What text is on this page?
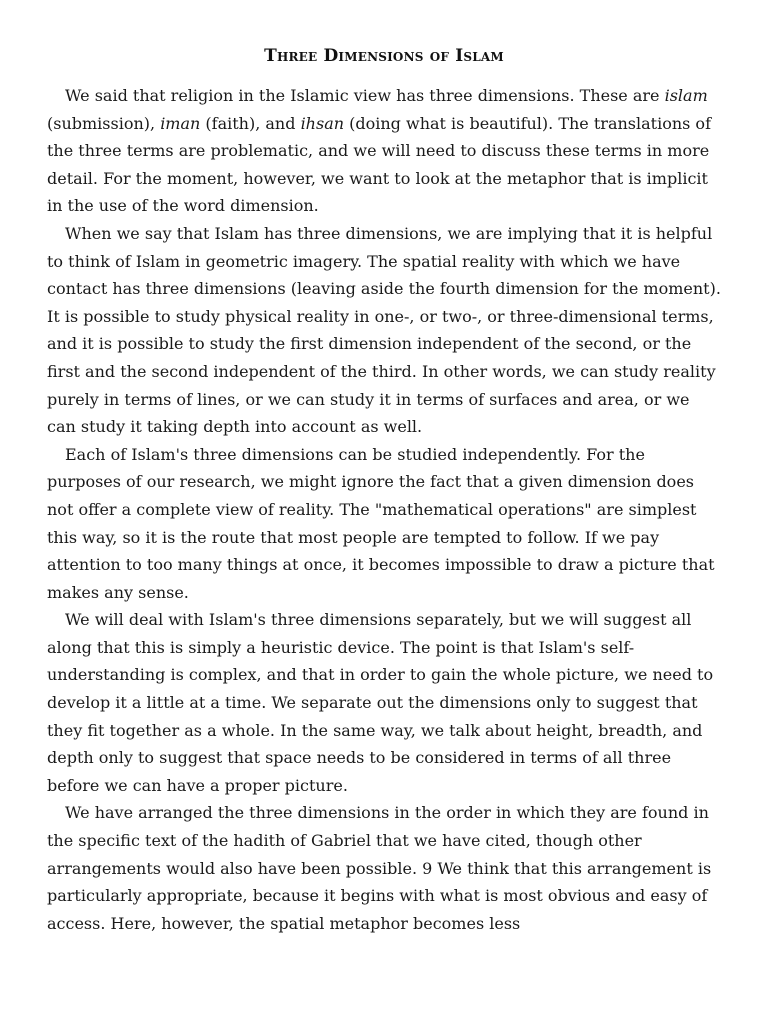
Three Dimensions of Islam

We said that religion in the Islamic view has three dimensions. These are islam (submission), iman (faith), and ihsan (doing what is beautiful). The translations of the three terms are problematic, and we will need to discuss these terms in more detail. For the moment, however, we want to look at the metaphor that is implicit in the use of the word dimension.

When we say that Islam has three dimensions, we are implying that it is helpful to think of Islam in geometric imagery. The spatial reality with which we have contact has three dimensions (leaving aside the fourth dimension for the moment). It is possible to study physical reality in one-, or two-, or three-dimensional terms, and it is possible to study the first dimension independent of the second, or the first and the second independent of the third. In other words, we can study reality purely in terms of lines, or we can study it in terms of surfaces and area, or we can study it taking depth into account as well.

Each of Islam's three dimensions can be studied independently. For the purposes of our research, we might ignore the fact that a given dimension does not offer a complete view of reality. The "mathematical operations" are simplest this way, so it is the route that most people are tempted to follow. If we pay attention to too many things at once, it becomes impossible to draw a picture that makes any sense.

We will deal with Islam's three dimensions separately, but we will suggest all along that this is simply a heuristic device. The point is that Islam's self-understanding is complex, and that in order to gain the whole picture, we need to develop it a little at a time. We separate out the dimensions only to suggest that they fit together as a whole. In the same way, we talk about height, breadth, and depth only to suggest that space needs to be considered in terms of all three before we can have a proper picture.

We have arranged the three dimensions in the order in which they are found in the specific text of the hadith of Gabriel that we have cited, though other arrangements would also have been possible. 9 We think that this arrangement is particularly appropriate, because it begins with what is most obvious and easy of access. Here, however, the spatial metaphor becomes less
